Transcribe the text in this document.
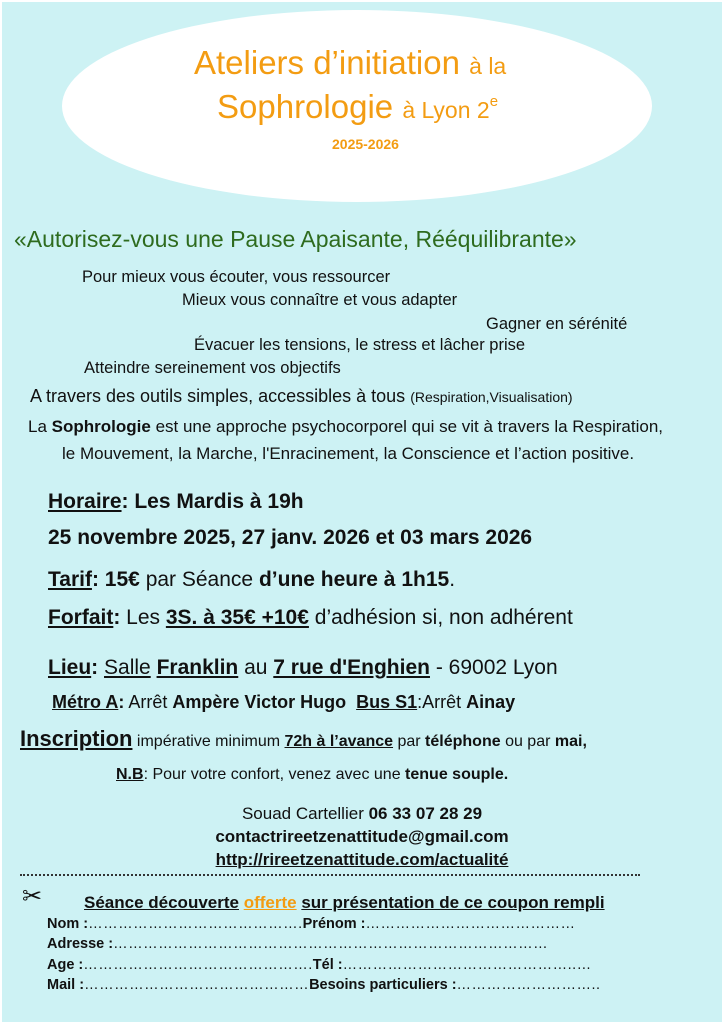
Ateliers d’initiation à la
Sophrologie à Lyon 2e
2025-2026
«Autorisez-vous une Pause Apaisante, Rééquilibrante»
Pour mieux vous écouter, vous ressourcer
Mieux vous connaître et vous adapter
Gagner en sérénité
Évacuer les tensions, le stress et lâcher prise
Atteindre sereinement vos objectifs
A travers des outils simples, accessibles à tous (Respiration,Visualisation)
La Sophrologie est une approche psychocorporel qui se vit à travers la Respiration,
le Mouvement, la Marche, l'Enracinement, la Conscience et l’action positive.
Horaire: Les Mardis à 19h
25 novembre 2025, 27 janv. 2026 et 03 mars 2026
Tarif: 15€ par Séance d’une heure à 1h15.
Forfait: Les 3S. à 35€ +10€ d’adhésion si, non adhérent
Lieu: Salle Franklin au 7 rue d'Enghien - 69002 Lyon
Métro A: Arrêt Ampère Victor Hugo Bus S1:Arrêt Ainay
Inscription impérative minimum 72h à l’avance par téléphone ou par mai,
N.B: Pour votre confort, venez avec une tenue souple.
Souad Cartellier 06 33 07 28 29
contactrireetzenattitude@gmail.com
http://rireetzenattitude.com/actualité
✂ Séance découverte offerte sur présentation de ce coupon rempli
Nom :…………………………………….Prénom :……………………………………
Adresse :……………………………………………………………………………
Age :……………………………………….Tél :………………………………………..…
Mail :………………………………………Besoins particuliers :………………………..
